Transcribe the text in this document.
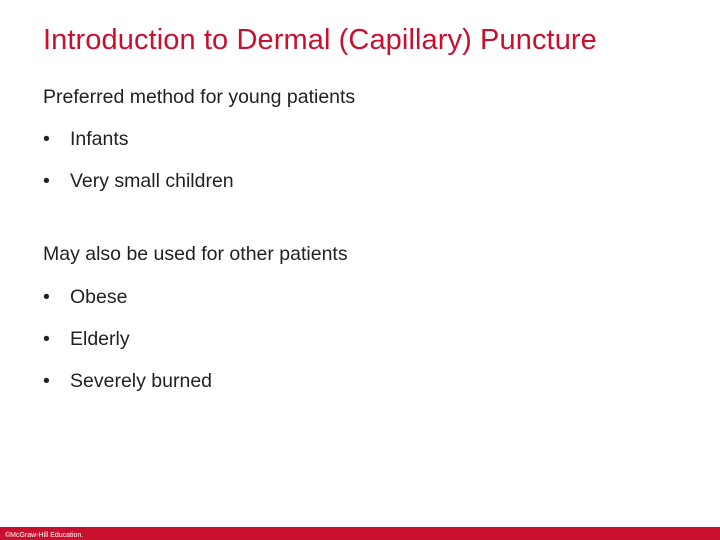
Introduction to Dermal (Capillary) Puncture
Preferred method for young patients
•	Infants
•	Very small children
May also be used for other patients
•	Obese
•	Elderly
•	Severely burned
©McGraw-Hill Education.
